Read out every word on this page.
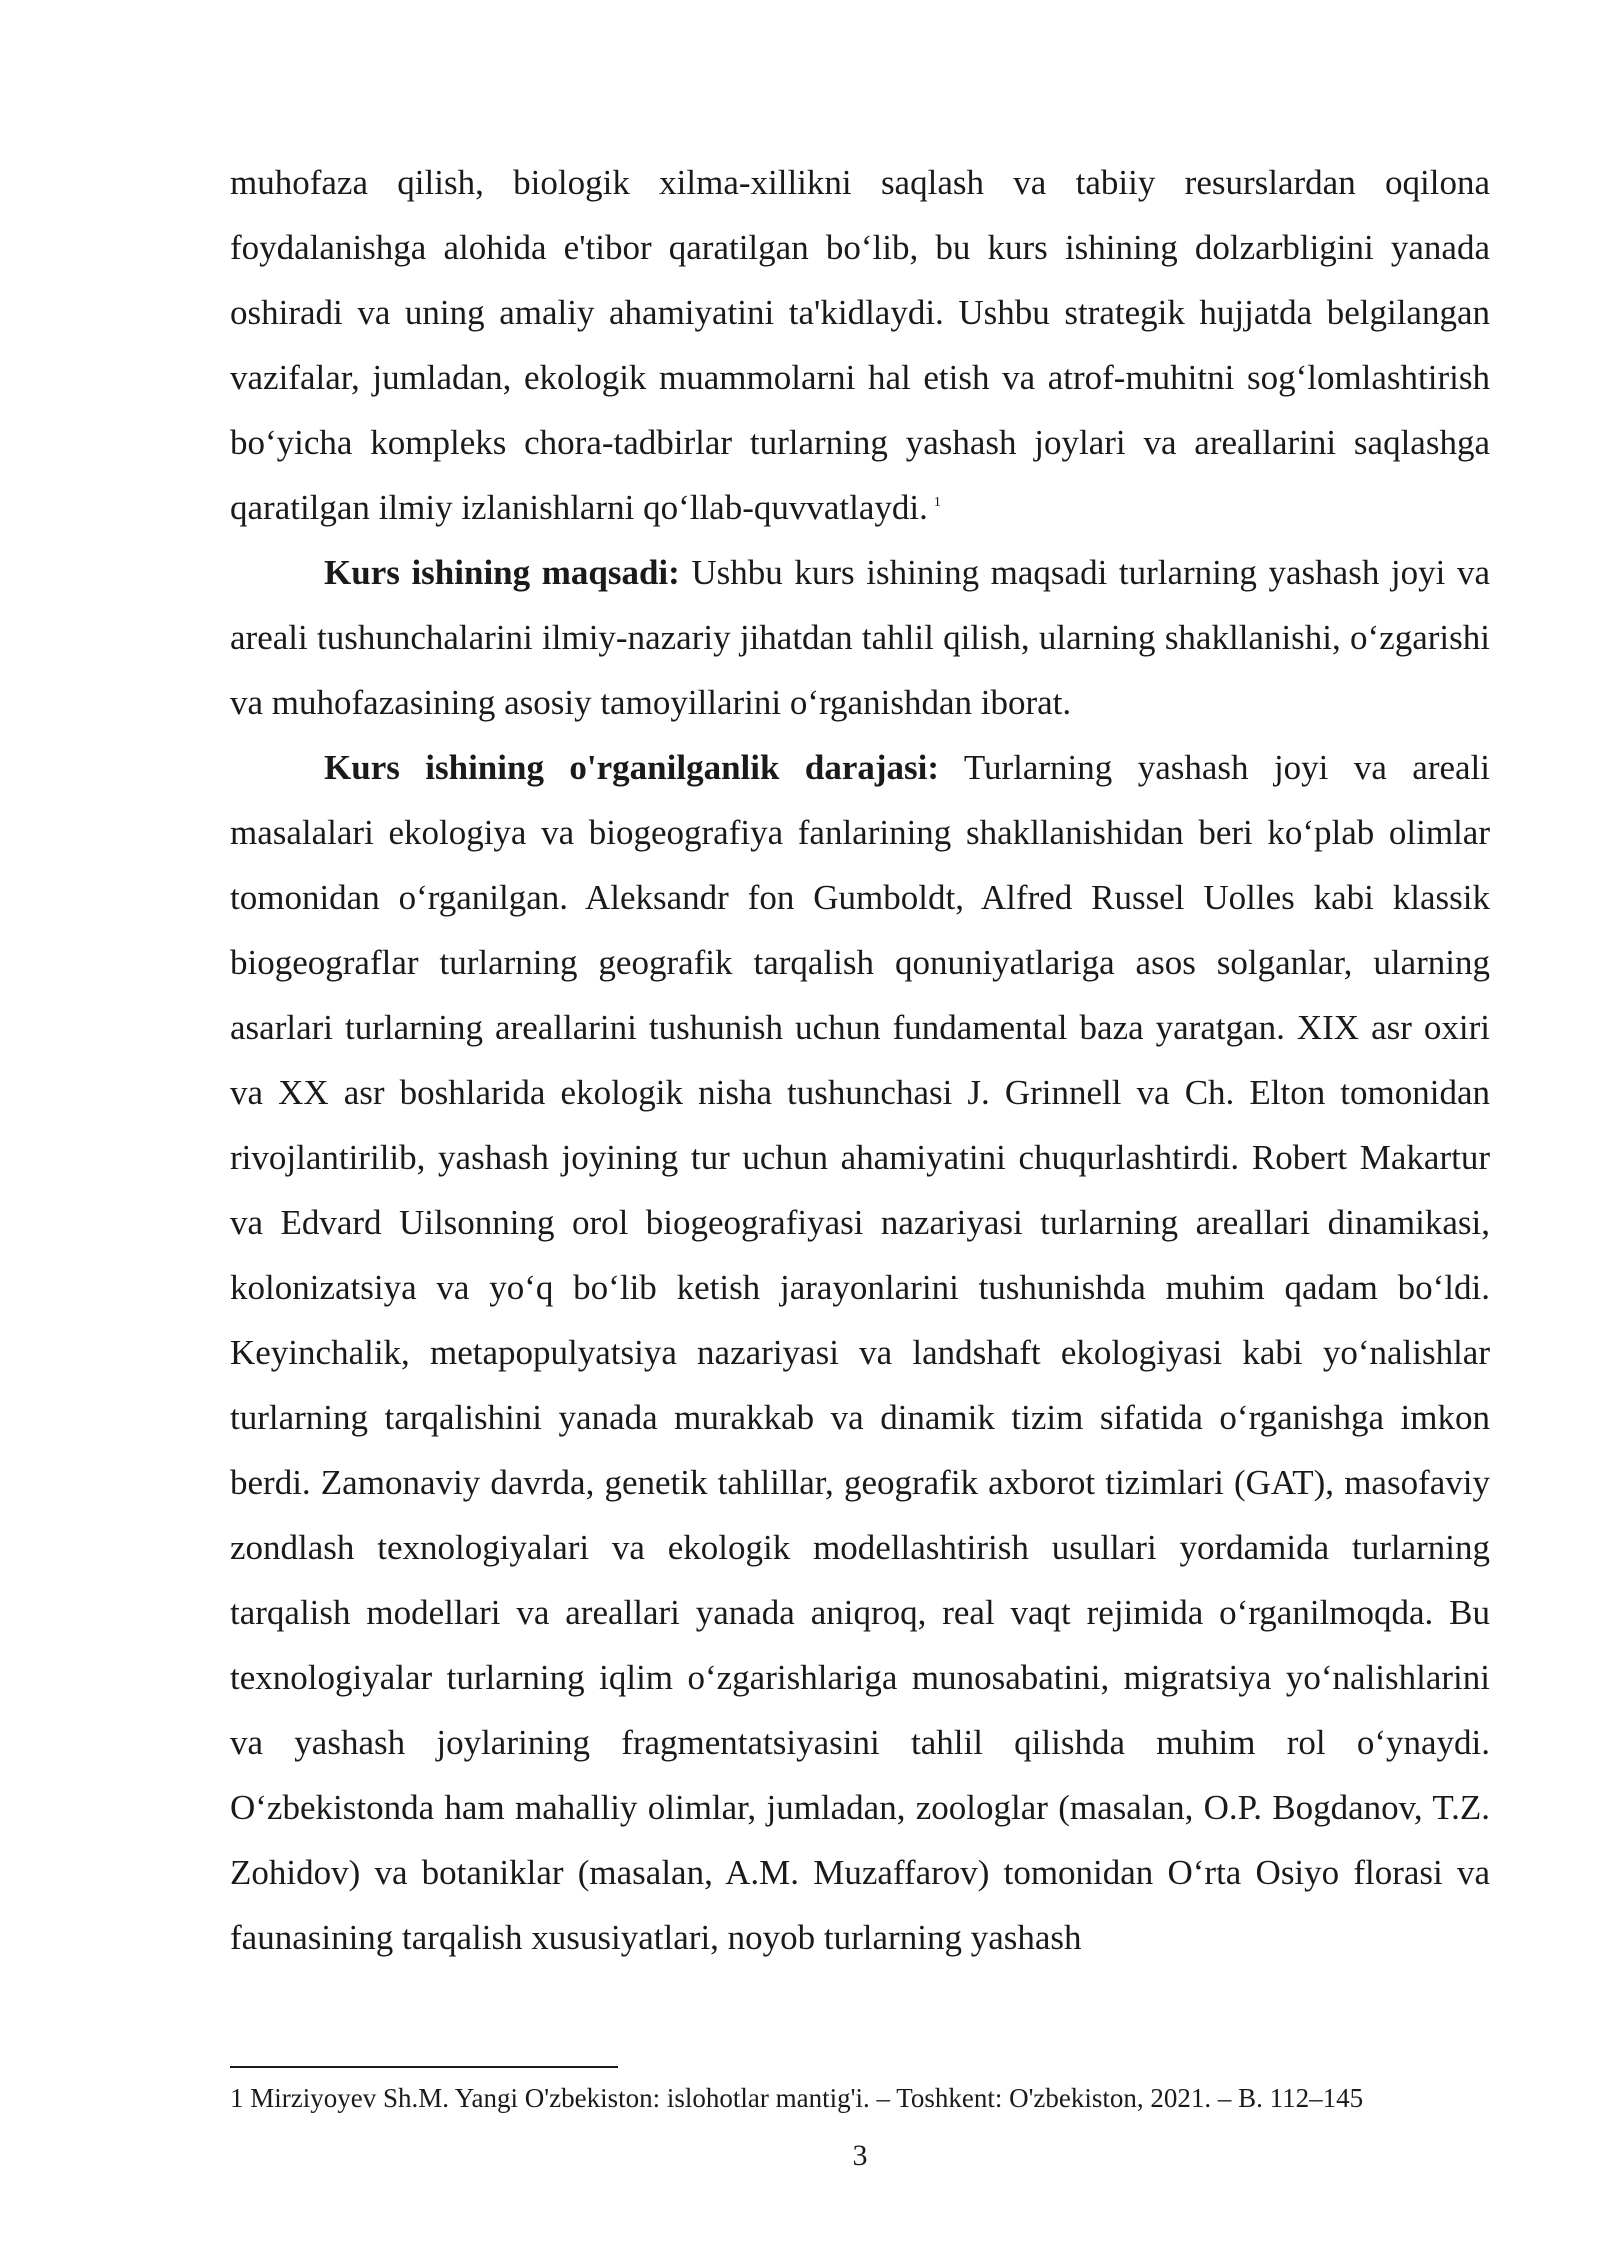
muhofaza qilish, biologik xilma-xillikni saqlash va tabiiy resurslardan oqilona foydalanishga alohida e'tibor qaratilgan bo‘lib, bu kurs ishining dolzarbligini yanada oshiradi va uning amaliy ahamiyatini ta'kidlaydi. Ushbu strategik hujjatda belgilangan vazifalar, jumladan, ekologik muammolarni hal etish va atrof-muhitni sog‘lomlashtirish bo‘yicha kompleks chora-tadbirlar turlarning yashash joylari va areallarini saqlashga qaratilgan ilmiy izlanishlarni qo‘llab-quvvatlaydi. $^1$

Kurs ishining maqsadi: Ushbu kurs ishining maqsadi turlarning yashash joyi va areali tushunchalarini ilmiy-nazariy jihatdan tahlil qilish, ularning shakllanishi, o‘zgarishi va muhofazasining asosiy tamoyillarini o‘rganishdan iborat.

Kurs ishining o'rganilganlik darajasi: Turlarning yashash joyi va areali masalalari ekologiya va biogeografiya fanlarining shakllanishidan beri ko‘plab olimlar tomonidan o‘rganilgan. Aleksandr fon Gumboldt, Alfred Russel Uolles kabi klassik biogeograflar turlarning geografik tarqalish qonuniyatlariga asos solganlar, ularning asarlari turlarning areallarini tushunish uchun fundamental baza yaratgan. XIX asr oxiri va XX asr boshlarida ekologik nisha tushunchasi J. Grinnell va Ch. Elton tomonidan rivojlantirilib, yashash joyining tur uchun ahamiyatini chuqurlashtirdi. Robert Makartur va Edvard Uilsonning orol biogeografiyasi nazariyasi turlarning areallari dinamikasi, kolonizatsiya va yo‘q bo‘lib ketish jarayonlarini tushunishda muhim qadam bo‘ldi. Keyinchalik, metapopulyatsiya nazariyasi va landshaft ekologiyasi kabi yo‘nalishlar turlarning tarqalishini yanada murakkab va dinamik tizim sifatida o‘rganishga imkon berdi. Zamonaviy davrda, genetik tahlillar, geografik axborot tizimlari (GAT), masofaviy zondlash texnologiyalari va ekologik modellashtirish usullari yordamida turlarning tarqalish modellari va areallari yanada aniqroq, real vaqt rejimida o‘rganilmoqda. Bu texnologiyalar turlarning iqlim o‘zgarishlariga munosabatini, migratsiya yo‘nalishlarini va yashash joylarining fragmentatsiyasini tahlil qilishda muhim rol o‘ynaydi. O‘zbekistonda ham mahalliy olimlar, jumladan, zoologlar (masalan, O.P. Bogdanov, T.Z. Zohidov) va botaniklar (masalan, A.M. Muzaffarov) tomonidan O‘rta Osiyo florasi va faunasining tarqalish xususiyatlari, noyob turlarning yashash

1 Mirziyoyev Sh.M. Yangi O'zbekiston: islohotlar mantig'i. – Toshkent: O'zbekiston, 2021. – B. 112–145
3
